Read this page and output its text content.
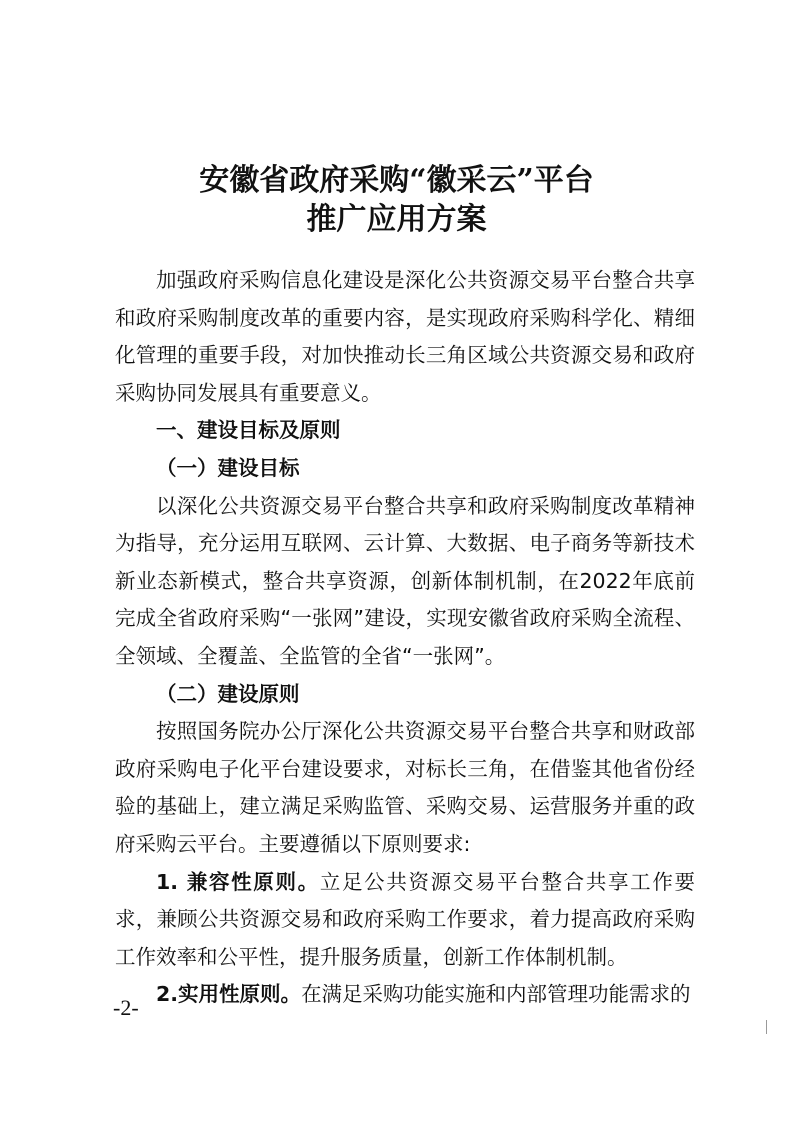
安徽省政府采购“徽采云”平台
推广应用方案

加强政府采购信息化建设是深化公共资源交易平台整合共享和政府采购制度改革的重要内容，是实现政府采购科学化、精细化管理的重要手段，对加快推动长三角区域公共资源交易和政府采购协同发展具有重要意义。

一、建设目标及原则

（一）建设目标

以深化公共资源交易平台整合共享和政府采购制度改革精神为指导，充分运用互联网、云计算、大数据、电子商务等新技术新业态新模式，整合共享资源，创新体制机制，在2022年底前完成全省政府采购“一张网”建设，实现安徽省政府采购全流程、全领域、全覆盖、全监管的全省“一张网”。

（二）建设原则

按照国务院办公厅深化公共资源交易平台整合共享和财政部政府采购电子化平台建设要求，对标长三角，在借鉴其他省份经验的基础上，建立满足采购监管、采购交易、运营服务并重的政府采购云平台。主要遵循以下原则要求:

1. 兼容性原则。立足公共资源交易平台整合共享工作要求，兼顾公共资源交易和政府采购工作要求，着力提高政府采购工作效率和公平性，提升服务质量，创新工作体制机制。

2.实用性原则。在满足采购功能实施和内部管理功能需求的

-2-
